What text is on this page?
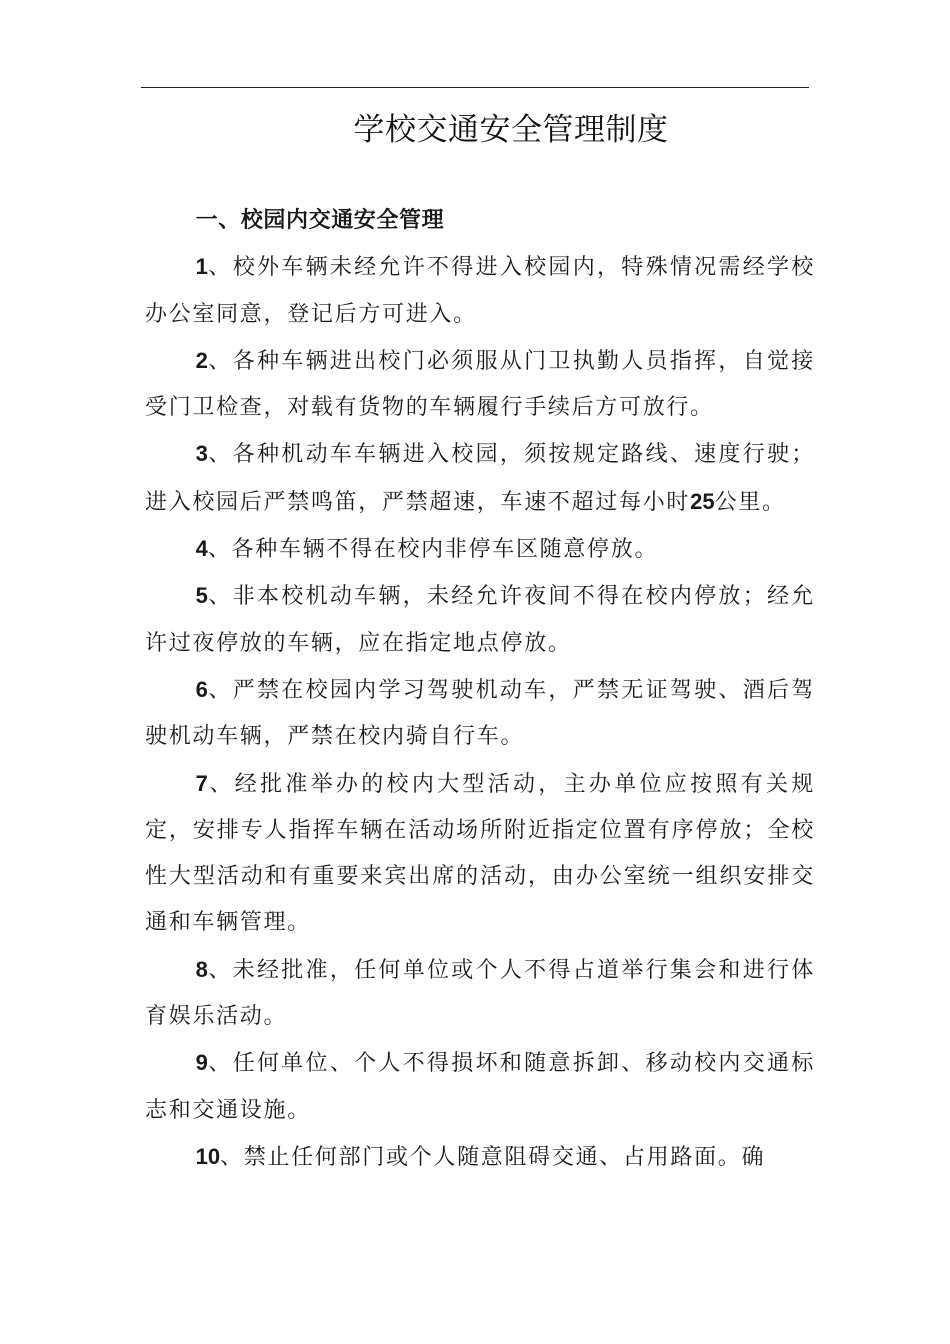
学校交通安全管理制度

一、校园内交通安全管理

1、校外车辆未经允许不得进入校园内，特殊情况需经学校办公室同意，登记后方可进入。

2、各种车辆进出校门必须服从门卫执勤人员指挥，自觉接受门卫检查，对载有货物的车辆履行手续后方可放行。

3、各种机动车车辆进入校园，须按规定路线、速度行驶；进入校园后严禁鸣笛，严禁超速，车速不超过每小时25公里。

4、各种车辆不得在校内非停车区随意停放。

5、非本校机动车辆，未经允许夜间不得在校内停放；经允许过夜停放的车辆，应在指定地点停放。

6、严禁在校园内学习驾驶机动车，严禁无证驾驶、酒后驾驶机动车辆，严禁在校内骑自行车。

7、经批准举办的校内大型活动，主办单位应按照有关规定，安排专人指挥车辆在活动场所附近指定位置有序停放；全校性大型活动和有重要来宾出席的活动，由办公室统一组织安排交通和车辆管理。

8、未经批准，任何单位或个人不得占道举行集会和进行体育娱乐活动。

9、任何单位、个人不得损坏和随意拆卸、移动校内交通标志和交通设施。

10、禁止任何部门或个人随意阻碍交通、占用路面。确
